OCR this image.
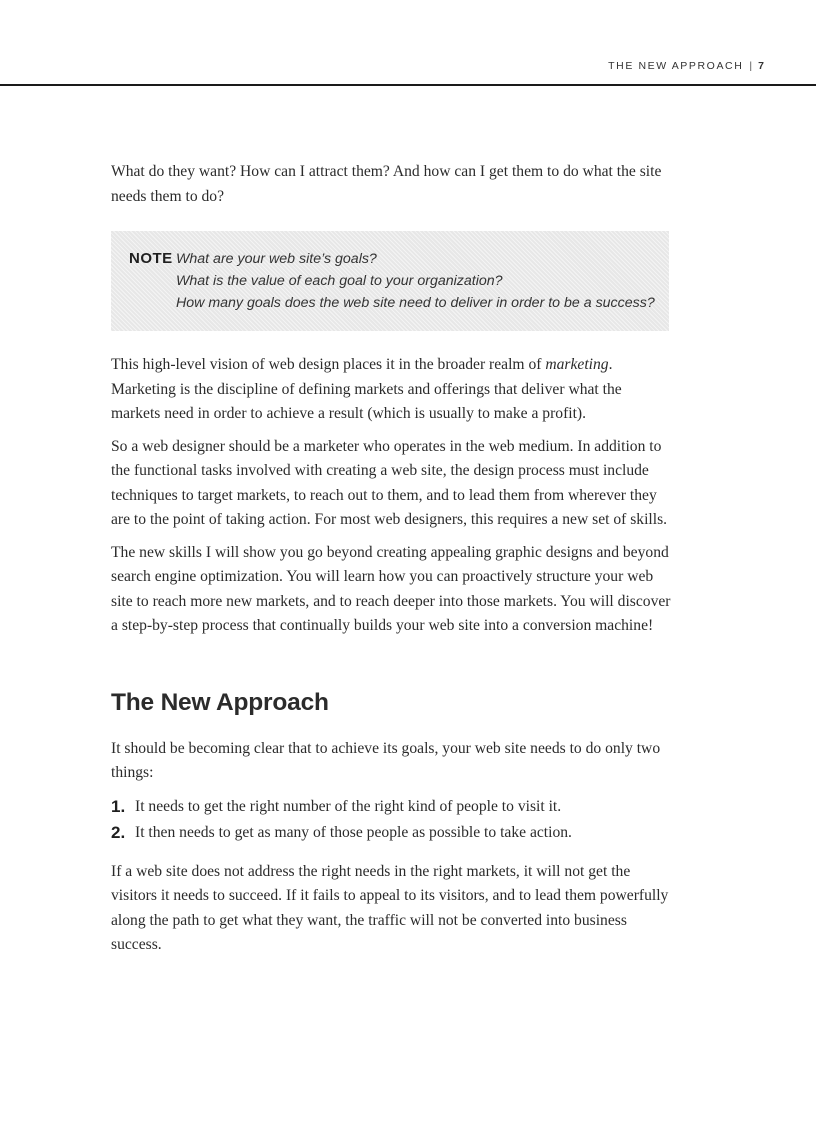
THE NEW APPROACH | 7

What do they want? How can I attract them? And how can I get them to do what the site needs them to do?

NOTE What are your web site’s goals?
What is the value of each goal to your organization?
How many goals does the web site need to deliver in order to be a success?

This high-level vision of web design places it in the broader realm of marketing. Marketing is the discipline of defining markets and offerings that deliver what the markets need in order to achieve a result (which is usually to make a profit).

So a web designer should be a marketer who operates in the web medium. In addition to the functional tasks involved with creating a web site, the design process must include techniques to target markets, to reach out to them, and to lead them from wherever they are to the point of taking action. For most web designers, this requires a new set of skills.

The new skills I will show you go beyond creating appealing graphic designs and beyond search engine optimization. You will learn how you can proactively structure your web site to reach more new markets, and to reach deeper into those markets. You will discover a step-by-step process that continually builds your web site into a conversion machine!

The New Approach

It should be becoming clear that to achieve its goals, your web site needs to do only two things:

1. It needs to get the right number of the right kind of people to visit it.
2. It then needs to get as many of those people as possible to take action.

If a web site does not address the right needs in the right markets, it will not get the visitors it needs to succeed. If it fails to appeal to its visitors, and to lead them powerfully along the path to get what they want, the traffic will not be converted into business success.
